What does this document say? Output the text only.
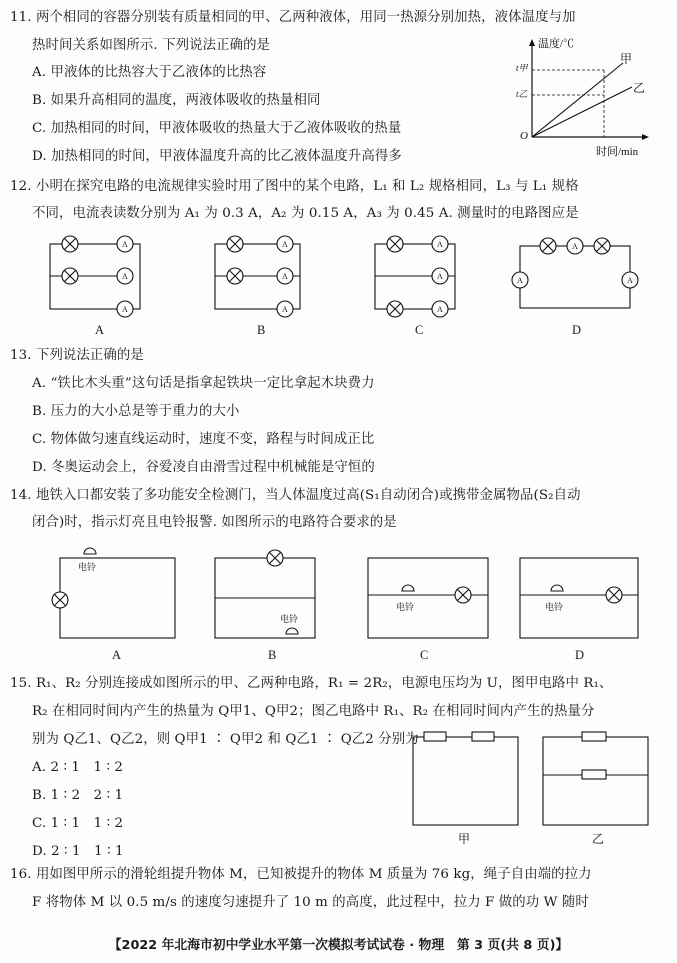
11. 两个相同的容器分别装有质量相同的甲、乙两种液体，用同一热源分别加热，液体温度与加
热时间关系如图所示. 下列说法正确的是
A. 甲液体的比热容大于乙液体的比热容
B. 如果升高相同的温度，两液体吸收的热量相同
C. 加热相同的时间，甲液体吸收的热量大于乙液体吸收的热量
D. 加热相同的时间，甲液体温度升高的比乙液体温度升高得多
温度/℃
时间/min
O
t甲
t乙
甲
乙
12. 小明在探究电路的电流规律实验时用了图中的某个电路，L₁ 和 L₂ 规格相同，L₃ 与 L₁ 规格
不同，电流表读数分别为 A₁ 为 0.3 A，A₂ 为 0.15 A，A₃ 为 0.45 A. 测量时的电路图应是
A
A
A
A
A
A
A
A
A
A
A	A
A	B	C	D
13. 下列说法正确的是
A. “铁比木头重”这句话是指拿起铁块一定比拿起木块费力
B. 压力的大小总是等于重力的大小
C. 物体做匀速直线运动时，速度不变，路程与时间成正比
D. 冬奥运动会上，谷爱凌自由滑雪过程中机械能是守恒的
14. 地铁入口都安装了多功能安全检测门，当人体温度过高(S₁自动闭合)或携带金属物品(S₂自动
闭合)时，指示灯亮且电铃报警. 如图所示的电路符合要求的是
电铃
电铃
电铃	电铃
A	B	C	D
15. R₁、R₂ 分别连接成如图所示的甲、乙两种电路，R₁ = 2R₂，电源电压均为 U，图甲电路中 R₁、
R₂ 在相同时间内产生的热量为 Q甲1、Q甲2；图乙电路中 R₁、R₂ 在相同时间内产生的热量分
别为 Q乙1、Q乙2，则 Q甲1 ∶ Q甲2 和 Q乙1 ∶ Q乙2 分别为
A. 2 ∶ 1　1 ∶ 2
B. 1 ∶ 2　2 ∶ 1
C. 1 ∶ 1　1 ∶ 2
D. 2 ∶ 1　1 ∶ 1
甲	乙
16. 用如图甲所示的滑轮组提升物体 M，已知被提升的物体 M 质量为 76 kg，绳子自由端的拉力
F 将物体 M 以 0.5 m/s 的速度匀速提升了 10 m 的高度，此过程中，拉力 F 做的功 W 随时
【2022 年北海市初中学业水平第一次模拟考试试卷 · 物理　第 3 页(共 8 页)】
